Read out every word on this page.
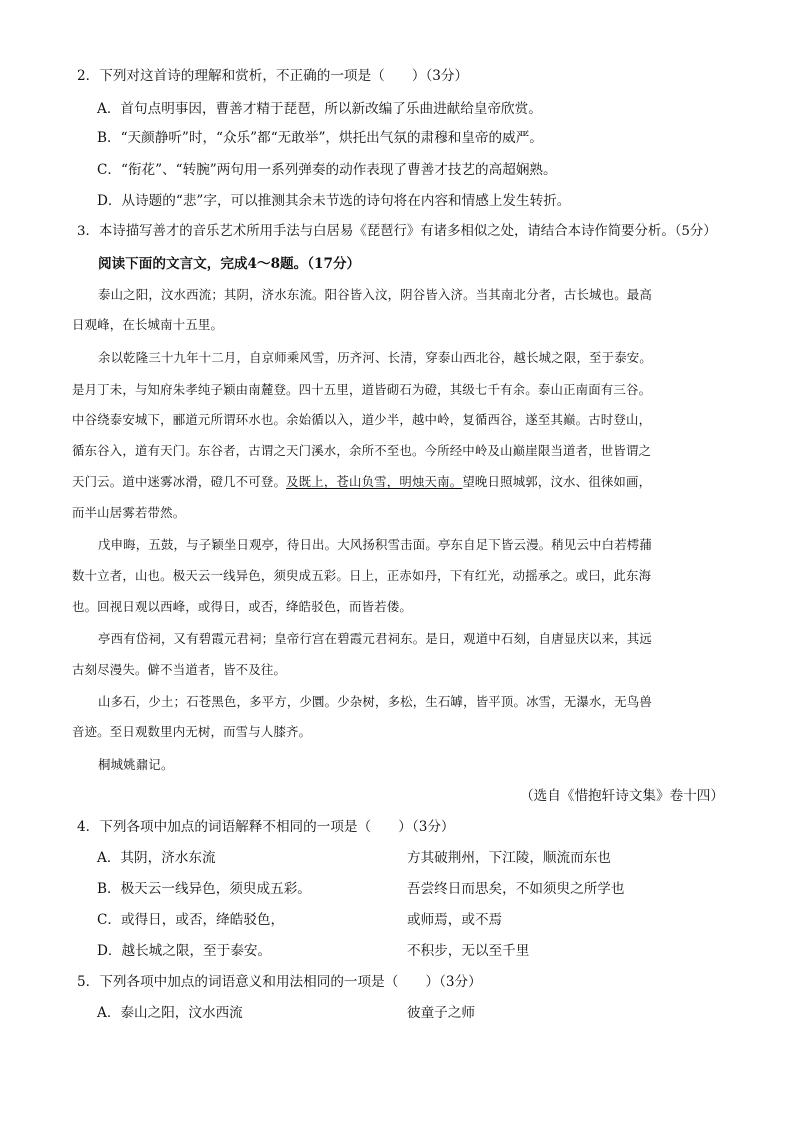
2．下列对这首诗的理解和赏析，不正确的一项是（　　）（3分）
A．首句点明事因，曹善才精于琵琶，所以新改编了乐曲进献给皇帝欣赏。
B．“天颜静听”时，“众乐”都“无敢举”，烘托出气氛的肃穆和皇帝的威严。
C．“衔花”、“转腕”两句用一系列弹奏的动作表现了曹善才技艺的高超娴熟。
D．从诗题的“悲”字，可以推测其余未节选的诗句将在内容和情感上发生转折。
3．本诗描写善才的音乐艺术所用手法与白居易《琵琶行》有诸多相似之处，请结合本诗作简要分析。（5分）
阅读下面的文言文，完成4～8题。（17分）
泰山之阳，汶水西流；其阴，济水东流。阳谷皆入汶，阴谷皆入济。当其南北分者，古长城也。最高
日观峰，在长城南十五里。
余以乾隆三十九年十二月，自京师乘风雪，历齐河、长清，穿泰山西北谷，越长城之限，至于泰安。
是月丁未，与知府朱孝纯子颖由南麓登。四十五里，道皆砌石为磴，其级七千有余。泰山正南面有三谷。
中谷绕泰安城下，郦道元所谓环水也。余始循以入，道少半，越中岭，复循西谷，遂至其巅。古时登山，
循东谷入，道有天门。东谷者，古谓之天门溪水，余所不至也。今所经中岭及山巅崖限当道者，世皆谓之
天门云。道中迷雾冰滑，磴几不可登。及既上，苍山负雪，明烛天南。望晚日照城郭，汶水、徂徕如画，
而半山居雾若带然。
戊申晦，五鼓，与子颖坐日观亭，待日出。大风扬积雪击面。亭东自足下皆云漫。稍见云中白若樗蒱
数十立者，山也。极天云一线异色，须臾成五彩。日上，正赤如丹，下有红光，动摇承之。或曰，此东海
也。回视日观以西峰，或得日，或否，绛皓驳色，而皆若偻。
亭西有岱祠，又有碧霞元君祠；皇帝行宫在碧霞元君祠东。是日，观道中石刻，自唐显庆以来，其远
古刻尽漫失。僻不当道者，皆不及往。
山多石，少土；石苍黑色，多平方，少圜。少杂树，多松，生石罅，皆平顶。冰雪，无瀑水，无鸟兽
音迹。至日观数里内无树，而雪与人膝齐。
桐城姚鼐记。
（选自《惜抱轩诗文集》卷十四）
4．下列各项中加点的词语解释不相同的一项是（　　）（3分）
A．其阴，济水东流	方其破荆州，下江陵，顺流而东也
B．极天云一线异色，须臾成五彩。	吾尝终日而思矣，不如须臾之所学也
C．或得日，或否，绛皓驳色，	或师焉，或不焉
D．越长城之限，至于泰安。	不积步，无以至千里
5．下列各项中加点的词语意义和用法相同的一项是（　　）（3分）
A．泰山之阳，汶水西流	彼童子之师
